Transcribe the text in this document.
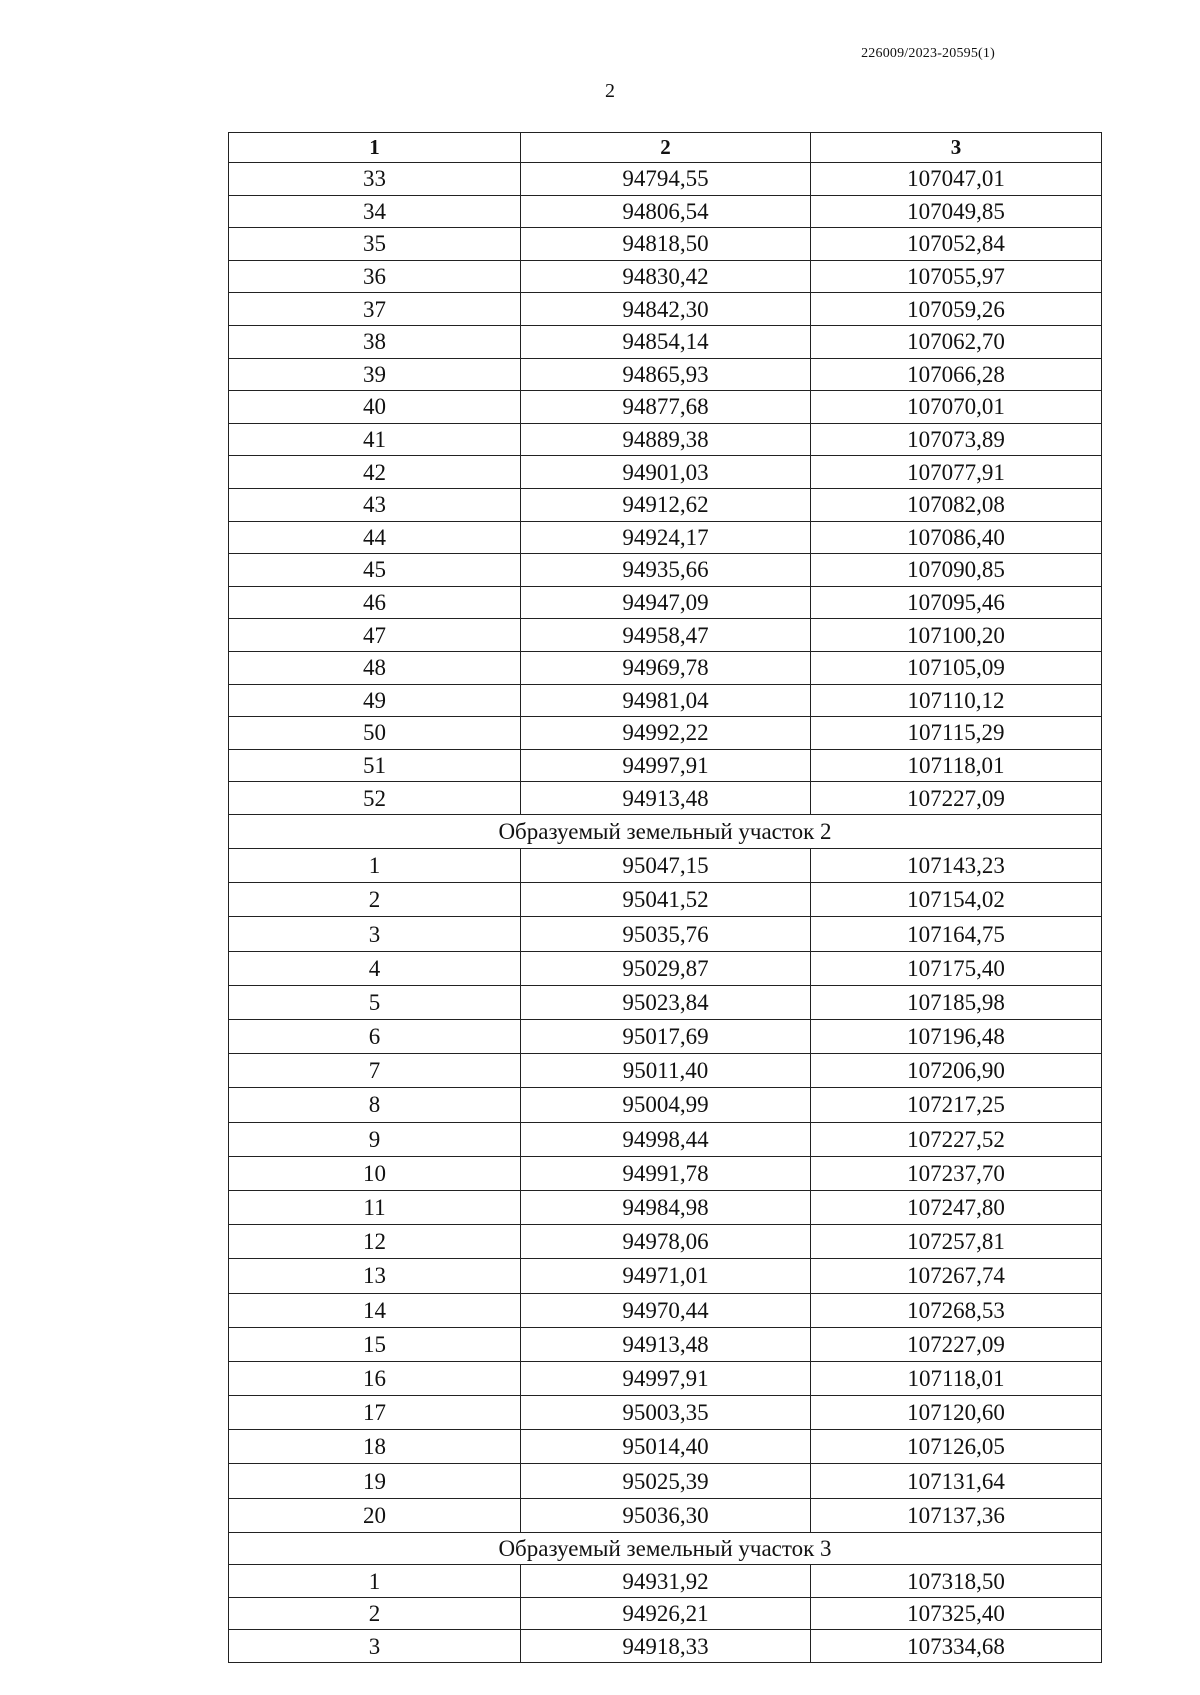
226009/2023-20595(1)
2
1	2	3
33	94794,55	107047,01
34	94806,54	107049,85
35	94818,50	107052,84
36	94830,42	107055,97
37	94842,30	107059,26
38	94854,14	107062,70
39	94865,93	107066,28
40	94877,68	107070,01
41	94889,38	107073,89
42	94901,03	107077,91
43	94912,62	107082,08
44	94924,17	107086,40
45	94935,66	107090,85
46	94947,09	107095,46
47	94958,47	107100,20
48	94969,78	107105,09
49	94981,04	107110,12
50	94992,22	107115,29
51	94997,91	107118,01
52	94913,48	107227,09
Образуемый земельный участок 2		
1	95047,15	107143,23
2	95041,52	107154,02
3	95035,76	107164,75
4	95029,87	107175,40
5	95023,84	107185,98
6	95017,69	107196,48
7	95011,40	107206,90
8	95004,99	107217,25
9	94998,44	107227,52
10	94991,78	107237,70
11	94984,98	107247,80
12	94978,06	107257,81
13	94971,01	107267,74
14	94970,44	107268,53
15	94913,48	107227,09
16	94997,91	107118,01
17	95003,35	107120,60
18	95014,40	107126,05
19	95025,39	107131,64
20	95036,30	107137,36
Образуемый земельный участок 3		
1	94931,92	107318,50
2	94926,21	107325,40
3	94918,33	107334,68
